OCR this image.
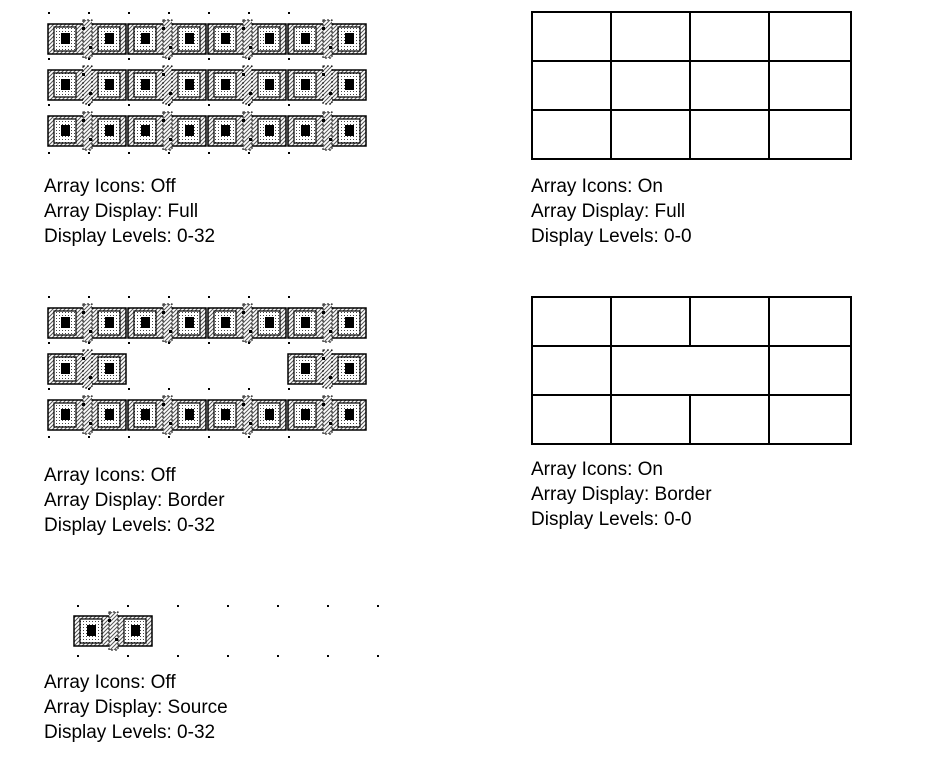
Array Icons: Off
Array Display: Full
Display Levels: 0-32
Array Icons: On
Array Display: Full
Display Levels: 0-0
Array Icons: Off
Array Display: Border
Display Levels: 0-32
Array Icons: On
Array Display: Border
Display Levels: 0-0
Array Icons: Off
Array Display: Source
Display Levels: 0-32
